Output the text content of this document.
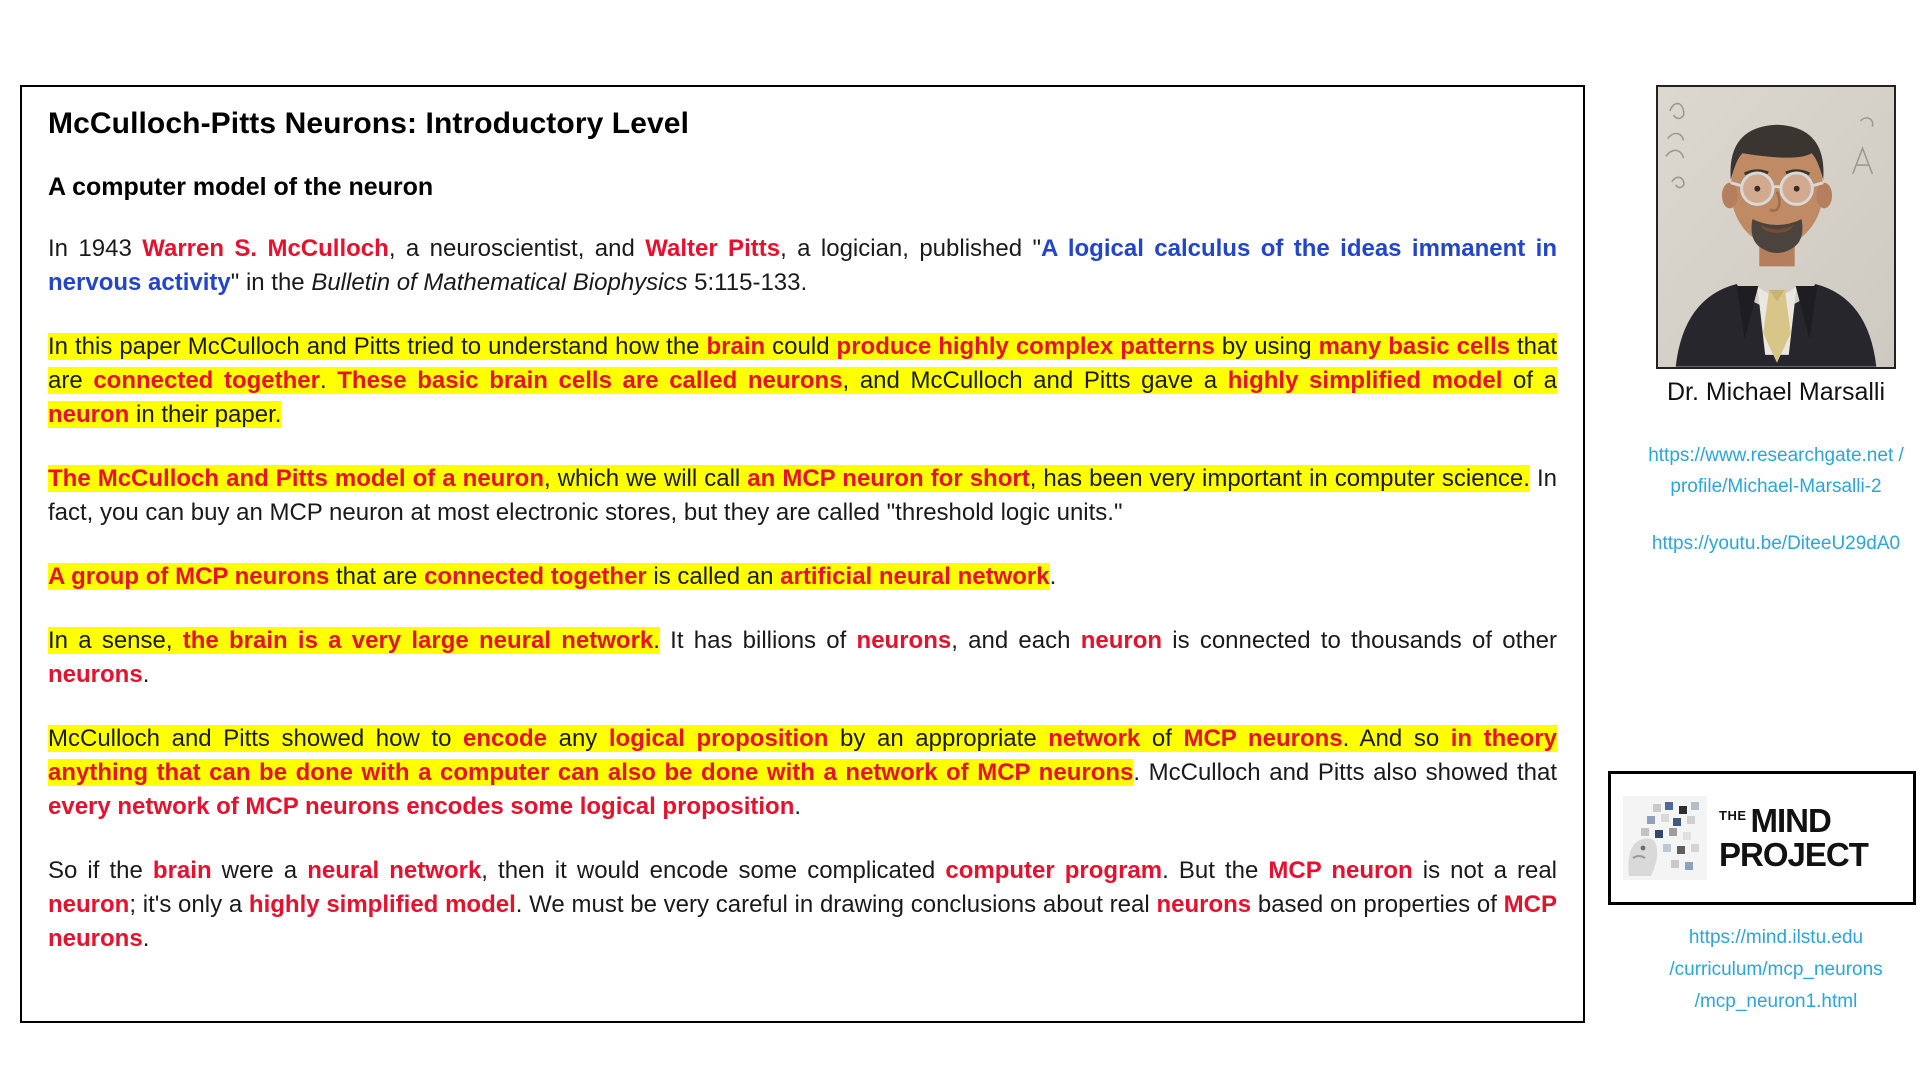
McCulloch-Pitts Neurons: Introductory Level
A computer model of the neuron

In 1943 Warren S. McCulloch, a neuroscientist, and Walter Pitts, a logician, published "A logical calculus of the ideas immanent in nervous activity" in the Bulletin of Mathematical Biophysics 5:115-133.

In this paper McCulloch and Pitts tried to understand how the brain could produce highly complex patterns by using many basic cells that are connected together. These basic brain cells are called neurons, and McCulloch and Pitts gave a highly simplified model of a neuron in their paper.

The McCulloch and Pitts model of a neuron, which we will call an MCP neuron for short, has been very important in computer science. In fact, you can buy an MCP neuron at most electronic stores, but they are called "threshold logic units."

A group of MCP neurons that are connected together is called an artificial neural network.

In a sense, the brain is a very large neural network. It has billions of neurons, and each neuron is connected to thousands of other neurons.

McCulloch and Pitts showed how to encode any logical proposition by an appropriate network of MCP neurons. And so in theory anything that can be done with a computer can also be done with a network of MCP neurons. McCulloch and Pitts also showed that every network of MCP neurons encodes some logical proposition.

So if the brain were a neural network, then it would encode some complicated computer program. But the MCP neuron is not a real neuron; it's only a highly simplified model. We must be very careful in drawing conclusions about real neurons based on properties of MCP neurons.

Dr. Michael Marsalli
https://www.researchgate.net /
profile/Michael-Marsalli-2
https://youtu.be/DiteeU29dA0
THE MIND
PROJECT
https://mind.ilstu.edu
/curriculum/mcp_neurons
/mcp_neuron1.html
